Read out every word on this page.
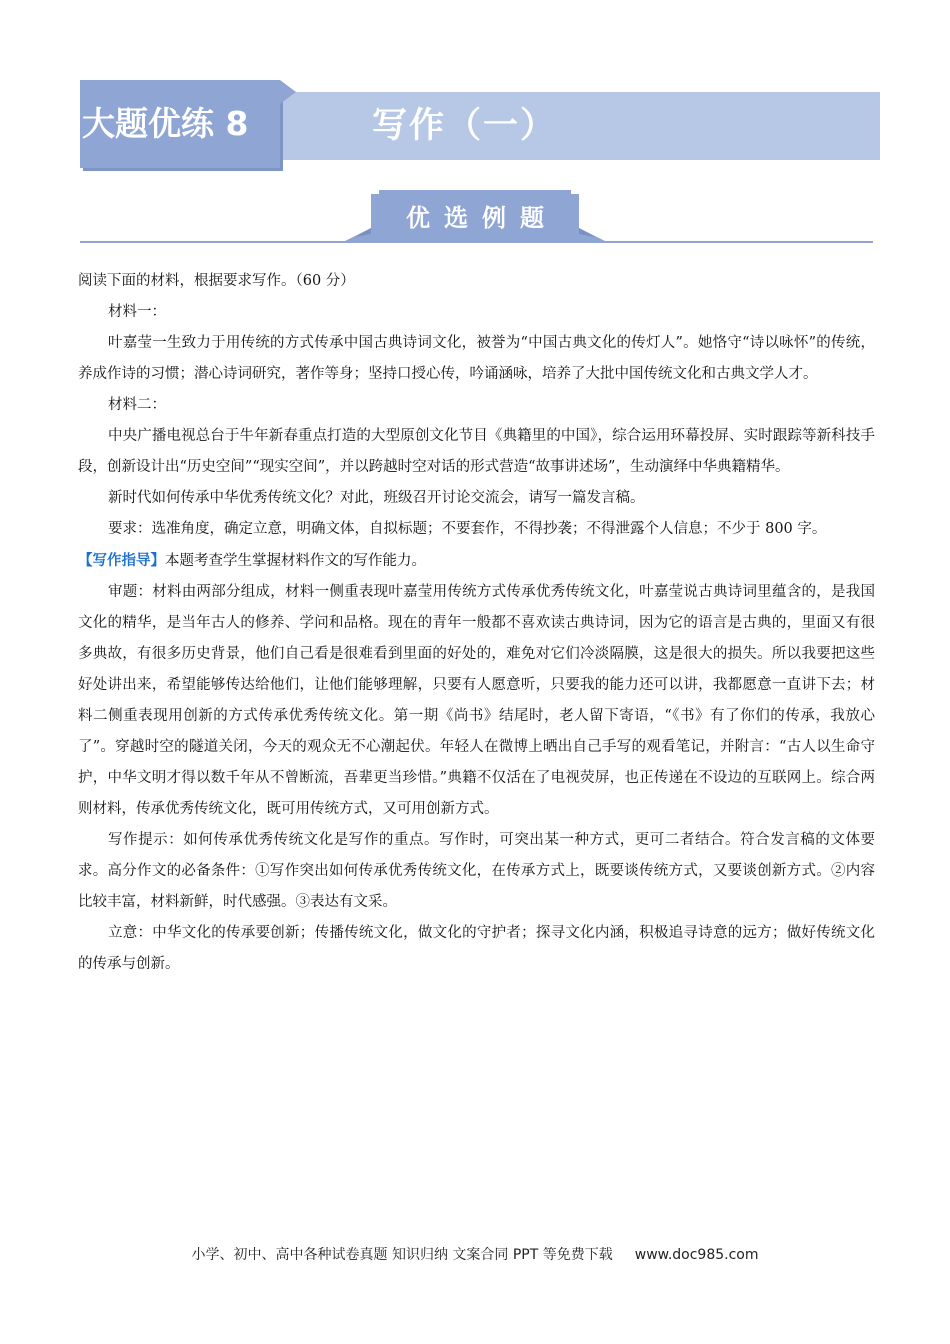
大题优练 8	写作（一）
优选例题

阅读下面的材料，根据要求写作。（60 分）

材料一：

叶嘉莹一生致力于用传统的方式传承中国古典诗词文化，被誉为“中国古典文化的传灯人”。她恪守“诗以咏怀”的传统，养成作诗的习惯；潜心诗词研究，著作等身；坚持口授心传，吟诵涵咏，培养了大批中国传统文化和古典文学人才。

材料二：

中央广播电视总台于牛年新春重点打造的大型原创文化节目《典籍里的中国》，综合运用环幕投屏、实时跟踪等新科技手段，创新设计出“历史空间”“现实空间”，并以跨越时空对话的形式营造“故事讲述场”，生动演绎中华典籍精华。

新时代如何传承中华优秀传统文化？对此，班级召开讨论交流会，请写一篇发言稿。

要求：选准角度，确定立意，明确文体，自拟标题；不要套作，不得抄袭；不得泄露个人信息；不少于 800 字。

【写作指导】本题考查学生掌握材料作文的写作能力。

审题：材料由两部分组成，材料一侧重表现叶嘉莹用传统方式传承优秀传统文化，叶嘉莹说古典诗词里蕴含的，是我国文化的精华，是当年古人的修养、学问和品格。现在的青年一般都不喜欢读古典诗词，因为它的语言是古典的，里面又有很多典故，有很多历史背景，他们自己看是很难看到里面的好处的，难免对它们冷淡隔膜，这是很大的损失。所以我要把这些好处讲出来，希望能够传达给他们，让他们能够理解，只要有人愿意听，只要我的能力还可以讲，我都愿意一直讲下去；材料二侧重表现用创新的方式传承优秀传统文化。第一期《尚书》结尾时，老人留下寄语，“《书》有了你们的传承，我放心了”。穿越时空的隧道关闭，今天的观众无不心潮起伏。年轻人在微博上晒出自己手写的观看笔记，并附言：“古人以生命守护，中华文明才得以数千年从不曾断流，吾辈更当珍惜。”典籍不仅活在了电视荧屏，也正传递在不设边的互联网上。综合两则材料，传承优秀传统文化，既可用传统方式，又可用创新方式。

写作提示：如何传承优秀传统文化是写作的重点。写作时，可突出某一种方式，更可二者结合。符合发言稿的文体要求。高分作文的必备条件：①写作突出如何传承优秀传统文化，在传承方式上，既要谈传统方式，又要谈创新方式。②内容比较丰富，材料新鲜，时代感强。③表达有文采。

立意：中华文化的传承要创新；传播传统文化，做文化的守护者；探寻文化内涵，积极追寻诗意的远方；做好传统文化的传承与创新。

小学、初中、高中各种试卷真题 知识归纳 文案合同 PPT 等免费下载 www.doc985.com
